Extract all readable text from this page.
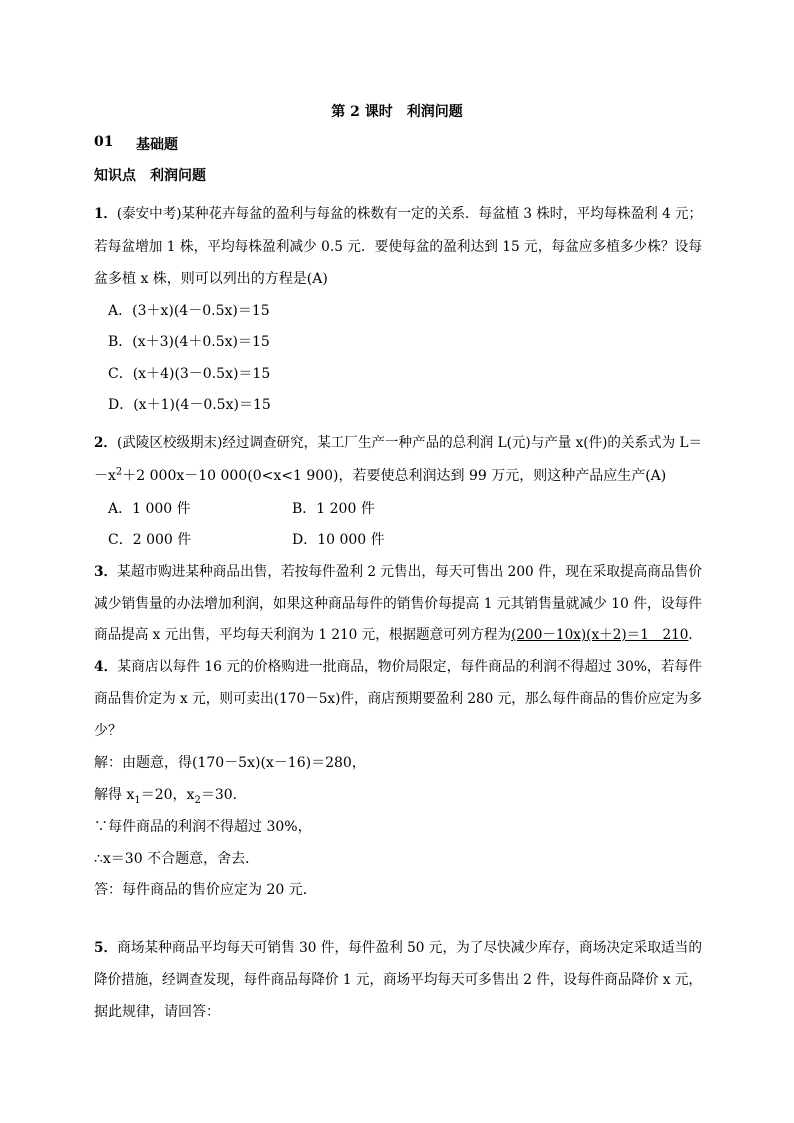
第 2 课时　利润问题
01 基础题
知识点　利润问题
1．(泰安中考)某种花卉每盆的盈利与每盆的株数有一定的关系．每盆植 3 株时，平均每株盈利 4 元；
若每盆增加 1 株，平均每株盈利减少 0.5 元．要使每盆的盈利达到 15 元，每盆应多植多少株？设每
盆多植 x 株，则可以列出的方程是(A)
A．(3＋x)(4－0.5x)＝15
B．(x＋3)(4＋0.5x)＝15
C．(x＋4)(3－0.5x)＝15
D．(x＋1)(4－0.5x)＝15
2．(武陵区校级期末)经过调查研究，某工厂生产一种产品的总利润 L(元)与产量 x(件)的关系式为 L＝
$-x^2+2$ 000x－10 000(0<x<1 900)，若要使总利润达到 99 万元，则这种产品应生产(A)
A．1 000 件	B．1 200 件
C．2 000 件	D．10 000 件
3．某超市购进某种商品出售，若按每件盈利 2 元售出，每天可售出 200 件，现在采取提高商品售价
减少销售量的办法增加利润，如果这种商品每件的销售价每提高 1 元其销售量就减少 10 件，设每件
商品提高 x 元出售，平均每天利润为 1 210 元，根据题意可列方程为(200－10x)(x＋2)＝1　210．
4．某商店以每件 16 元的价格购进一批商品，物价局限定，每件商品的利润不得超过 30%，若每件
商品售价定为 x 元，则可卖出(170－5x)件，商店预期要盈利 280 元，那么每件商品的售价应定为多
少？
解：由题意，得(170－5x)(x－16)＝280，
解得 $x_1=20$，$x_2=30$.
∵每件商品的利润不得超过 30%，
∴x＝30 不合题意，舍去．
答：每件商品的售价应定为 20 元．
5．商场某种商品平均每天可销售 30 件，每件盈利 50 元，为了尽快减少库存，商场决定采取适当的
降价措施，经调查发现，每件商品每降价 1 元，商场平均每天可多售出 2 件，设每件商品降价 x 元，
据此规律，请回答：
